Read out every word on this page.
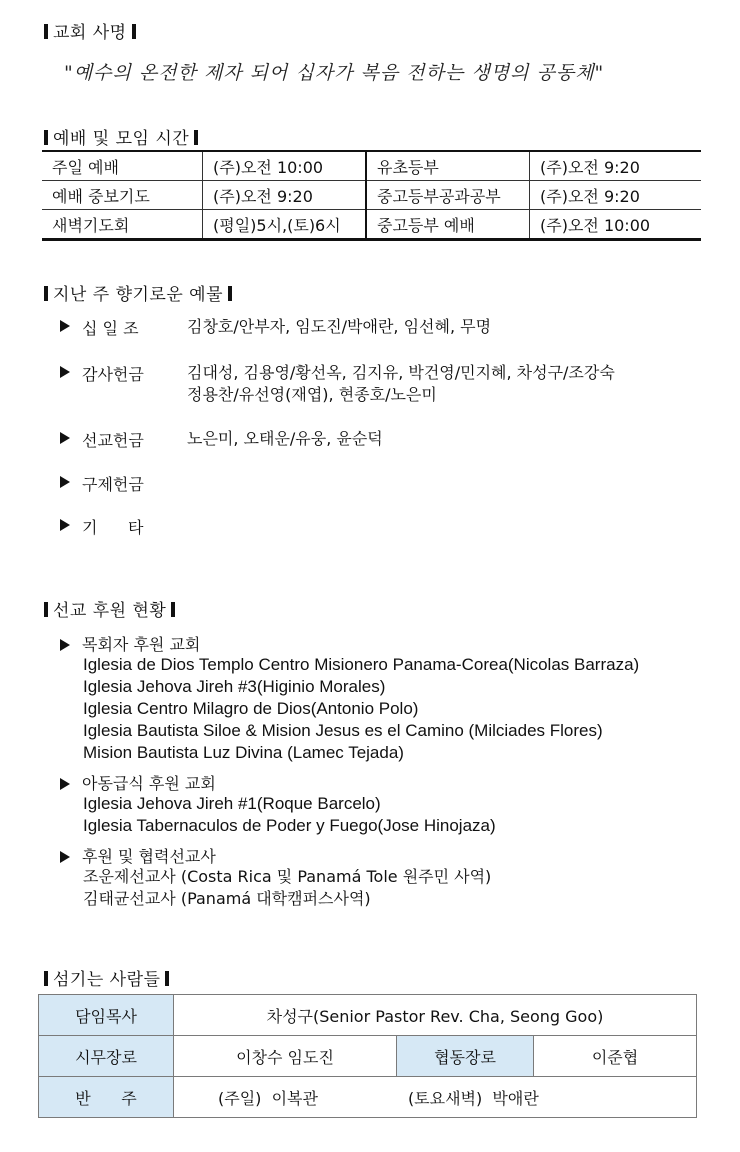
교회 사명
"예수의 온전한 제자 되어 십자가 복음 전하는 생명의 공동체"
예배 및 모임 시간
주일 예배	(주)오전 10:00	유초등부	(주)오전 9:20
예배 중보기도	(주)오전 9:20	중고등부공과공부	(주)오전 9:20
새벽기도회	(평일)5시,(토)6시	중고등부 예배	(주)오전 10:00
지난 주 향기로운 예물
십 일 조	김창호/안부자, 임도진/박애란, 임선혜, 무명
감사헌금	김대성, 김용영/황선옥, 김지유, 박건영/민지혜, 차성구/조강숙
정용찬/유선영(재엽), 현종호/노은미
선교헌금	노은미, 오태운/유웅, 윤순덕
구제헌금
기      타
선교 후원 현황
목회자 후원 교회
Iglesia de Dios Templo Centro Misionero Panama-Corea(Nicolas Barraza)
Iglesia Jehova Jireh #3(Higinio Morales)
Iglesia Centro Milagro de Dios(Antonio Polo)
Iglesia Bautista Siloe & Mision Jesus es el Camino (Milciades Flores)
Mision Bautista Luz Divina (Lamec Tejada)
아동급식 후원 교회
Iglesia Jehova Jireh #1(Roque Barcelo)
Iglesia Tabernaculos de Poder y Fuego(Jose Hinojaza)
후원 및 협력선교사
조운제선교사 (Costa Rica 및 Panamá Tole 원주민 사역)
김태균선교사 (Panamá 대학캠퍼스사역)
섬기는 사람들
담임목사	차성구(Senior Pastor Rev. Cha, Seong Goo)		
시무장로	이창수 임도진	협동장로	이준협
반      주	(주일)  이복관 (토요새벽)  박애란		
